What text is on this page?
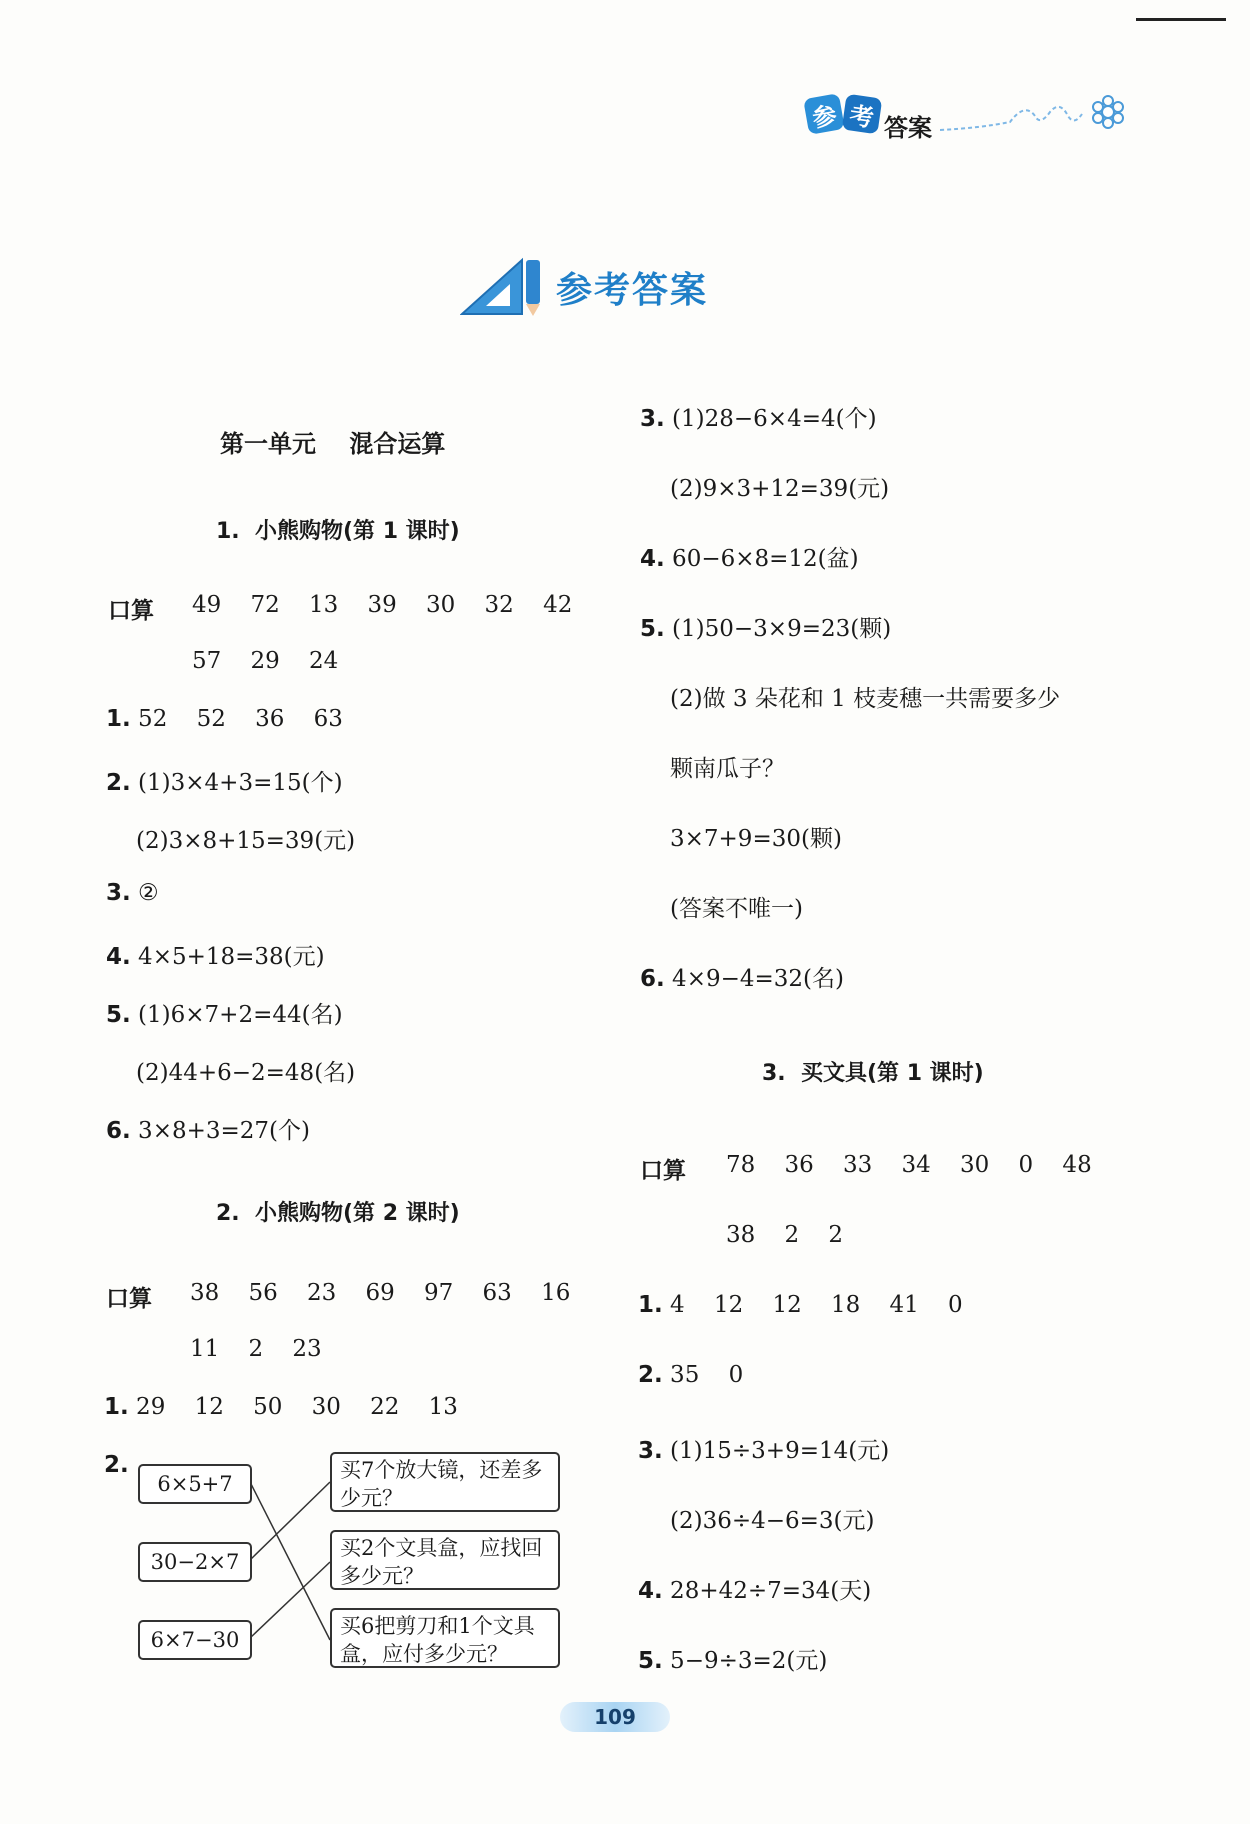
参 考 答案
参考答案
第一单元    混合运算
1.  小熊购物(第 1 课时)
口算 49    72    13    39    30    32    42
57    29    24
1. 52    52    36    63
2. (1)3×4+3=15(个)
(2)3×8+15=39(元)
3. ②
4. 4×5+18=38(元)
5. (1)6×7+2=44(名)
(2)44+6−2=48(名)
6. 3×8+3=27(个)
2.  小熊购物(第 2 课时)
口算 38    56    23    69    97    63    16
11    2    23
1. 29    12    50    30    22    13
2.
6×5+7
30−2×7
6×7−30
买7个放大镜，还差多少元？
买2个文具盒，应找回多少元？
买6把剪刀和1个文具盒，应付多少元？
3. (1)28−6×4=4(个)
(2)9×3+12=39(元)
4. 60−6×8=12(盆)
5. (1)50−3×9=23(颗)
(2)做 3 朵花和 1 枝麦穗一共需要多少
颗南瓜子？
3×7+9=30(颗)
(答案不唯一)
6. 4×9−4=32(名)
3.  买文具(第 1 课时)
口算 78    36    33    34    30    0    48
38    2    2
1. 4    12    12    18    41    0
2. 35    0
3. (1)15÷3+9=14(元)
(2)36÷4−6=3(元)
4. 28+42÷7=34(天)
5. 5−9÷3=2(元)
109
